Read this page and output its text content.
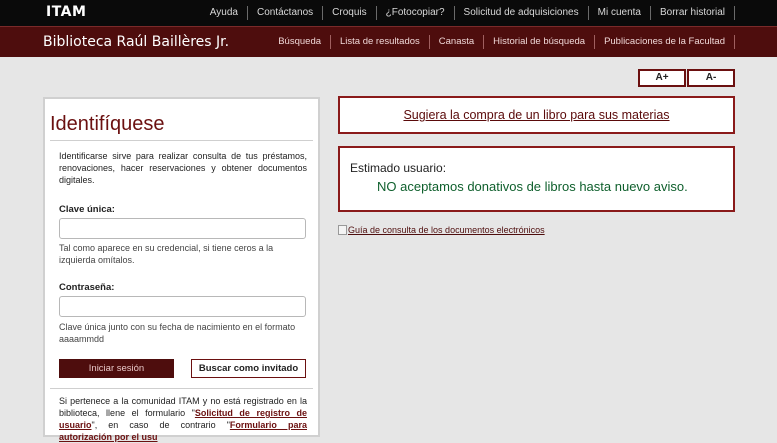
ITAM	Ayuda	Contáctanos	Croquis	¿Fotocopiar?	Solicitud de adquisiciones	Mi cuenta	Borrar historial
Biblioteca Raúl Baillères Jr.	Búsqueda	Lista de resultados	Canasta	Historial de búsqueda	Publicaciones de la Facultad
A+	A-
Identifíquese
Identificarse sirve para realizar consulta de tus préstamos, renovaciones, hacer reservaciones y obtener documentos digitales.
Clave única:
Tal como aparece en su credencial, si tiene ceros a la izquierda omítalos.
Contraseña:
Clave única junto con su fecha de nacimiento en el formato aaaammdd
Iniciar sesión	Buscar como invitado
Si pertenece a la comunidad ITAM y no está registrado en la biblioteca, llene el formulario "Solicitud de registro de usuario", en caso de contrario "Formulario para autorización por el usu
Sugiera la compra de un libro para sus materias
Estimado usuario:
NO aceptamos donativos de libros hasta nuevo aviso.
Guía de consulta de los documentos electrónicos
